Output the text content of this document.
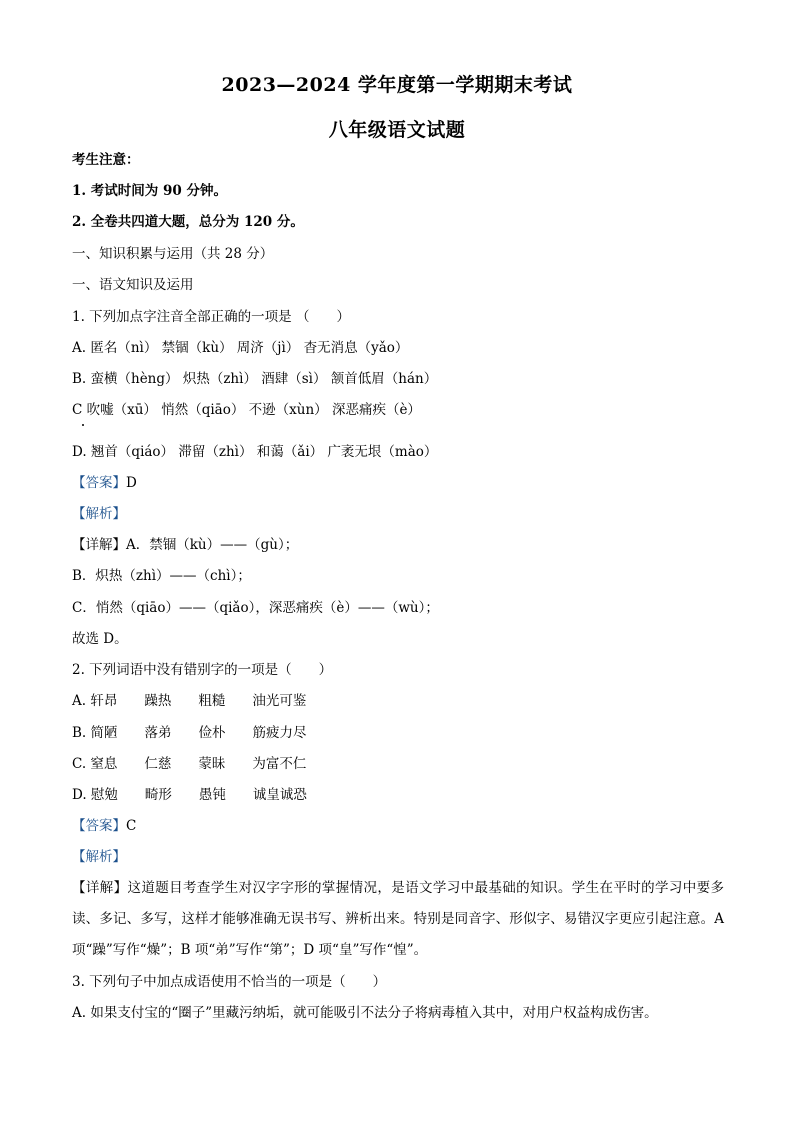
2023—2024 学年度第一学期期末考试
八年级语文试题
考生注意：
1. 考试时间为 90 分钟。
2. 全卷共四道大题，总分为 120 分。
一、知识积累与运用（共 28 分）
一、语文知识及运用
1. 下列加点字注音全部正确的一项是 （　　）
A. 匿名（nì） 禁锢（kù） 周济（jì） 杳无消息（yǎo）
B. 蛮横（hèng） 炽热（zhì） 酒肆（sì） 颔首低眉（hán）
C 吹嘘（xū） 悄然（qiāo） 不逊（xùn） 深恶痛疾（è）
D. 翘首（qiáo） 滞留（zhì） 和蔼（ǎi） 广袤无垠（mào）
【答案】D
【解析】
【详解】A．禁锢（kù）——（gù）；
B．炽热（zhì）——（chì）；
C．悄然（qiāo）——（qiǎo），深恶痛疾（è）——（wù）；
故选 D。
2. 下列词语中没有错别字的一项是（　　）
A. 轩昂　　躁热　　粗糙　　油光可鉴
B. 简陋　　落弟　　俭朴　　筋疲力尽
C. 窒息　　仁慈　　蒙昧　　为富不仁
D. 慰勉　　畸形　　愚钝　　诚皇诚恐
【答案】C
【解析】
【详解】这道题目考查学生对汉字字形的掌握情况，是语文学习中最基础的知识。学生在平时的学习中要多读、多记、多写，这样才能够准确无误书写、辨析出来。特别是同音字、形似字、易错汉字更应引起注意。A 项“躁”写作“燥”；B 项“弟”写作“第”；D 项“皇”写作“惶”。
3. 下列句子中加点成语使用不恰当的一项是（　　）
A. 如果支付宝的“圈子”里藏污纳垢，就可能吸引不法分子将病毒植入其中，对用户权益构成伤害。
